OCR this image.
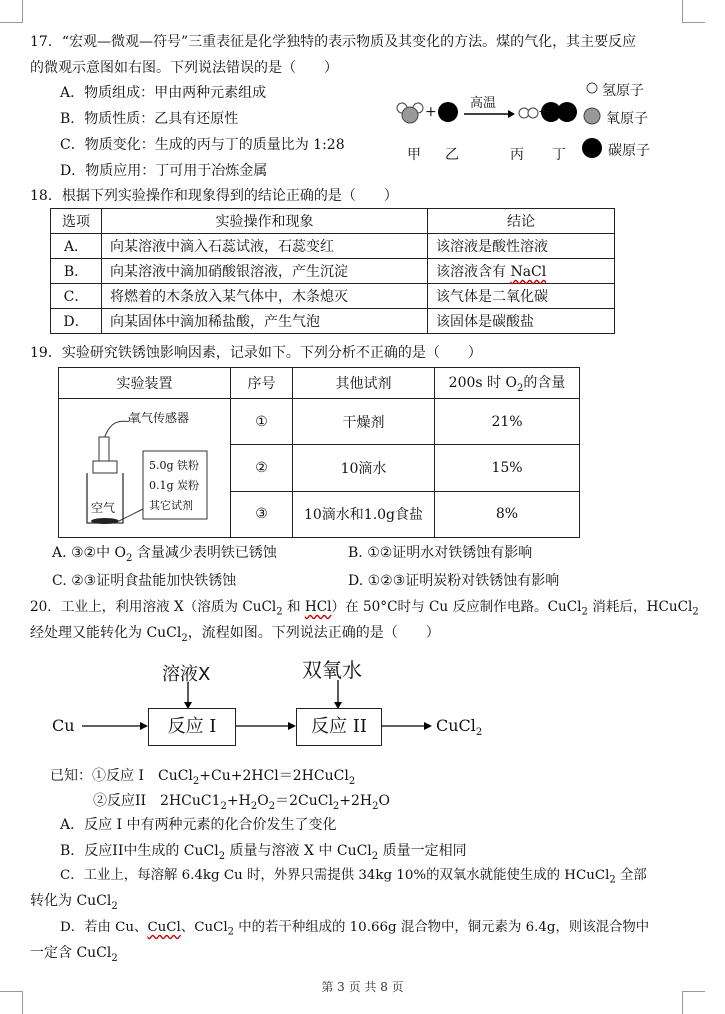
17．“宏观—微观—符号”三重表征是化学独特的表示物质及其变化的方法。煤的气化，其主要反应
的微观示意图如右图。下列说法错误的是（　　）
A．物质组成：甲由两种元素组成
B．物质性质：乙具有还原性
C．物质变化：生成的丙与丁的质量比为 1:28
D．物质应用：丁可用于冶炼金属
+	+
高温
甲 乙	丙 丁
氢原子
氧原子
碳原子
18．根据下列实验操作和现象得到的结论正确的是（　　）
选项	实验操作和现象	结论
A．	向某溶液中滴入石蕊试液，石蕊变红	该溶液是酸性溶液
B．	向某溶液中滴加硝酸银溶液，产生沉淀	该溶液含有 NaCl
C．	将燃着的木条放入某气体中，木条熄灭	该气体是二氧化碳
D．	向某固体中滴加稀盐酸，产生气泡	该固体是碳酸盐
19．实验研究铁锈蚀影响因素，记录如下。下列分析不正确的是（　　）
实验装置	序号	其他试剂	200s 时 $O_2$的含量

氧气传感器
5.0g 铁粉
0.1g 炭粉
其它试剂
空气	①	干燥剂	21%
	②	10滴水	15%
	③	10滴水和1.0g食盐	8%
A. ③②中 $O_2$ 含量减少表明铁已锈蚀	B. ①②证明水对铁锈蚀有影响
C. ②③证明食盐能加快铁锈蚀	D. ①②③证明炭粉对铁锈蚀有影响
20．工业上，利用溶液 X（溶质为 CuCl$_2$ 和 HCl）在 50°C时与 Cu 反应制作电路。CuCl$_2$ 消耗后，HCuCl$_2$
经处理又能转化为 CuCl$_2$，流程如图。下列说法正确的是（　　）
溶液X	双氧水
Cu	反应 I	反应 II	CuCl$_2$
已知：①反应 I　CuCl$_2$+Cu+2HCl＝2HCuCl$_2$
②反应II　$2HCuC1_2+H_2O_2=2CuCl_2+2H_2O$
A．反应 I 中有两种元素的化合价发生了变化
B．反应II中生成的 CuCl$_2$ 质量与溶液 X 中 CuCl$_2$ 质量一定相同
C．工业上，每溶解 6.4kg Cu 时，外界只需提供 34kg 10%的双氧水就能使生成的 HCuCl$_2$ 全部
转化为 CuCl$_2$
D．若由 Cu、CuCl、CuCl$_2$ 中的若干种组成的 10.66g 混合物中，铜元素为 6.4g，则该混合物中
一定含 CuCl$_2$
第 3 页 共 8 页
